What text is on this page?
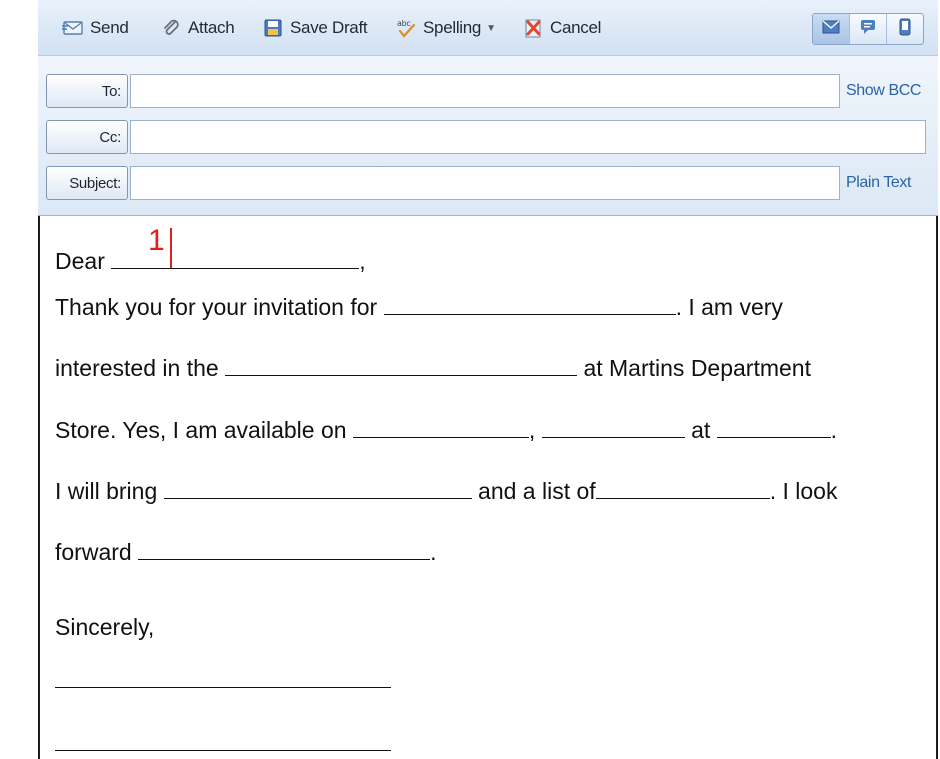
Send	Attach	Save Draft	abc Spelling ▼	Cancel
To:	Show BCC
Cc:
Subject:	Plain Text
1
Dear	,
Thank you for your invitation for	. I am very
interested in the	at Martins Department
Store. Yes, I am available on	,	at	.
I will bring	and a list of	. I look
forward	.
Sincerely,
